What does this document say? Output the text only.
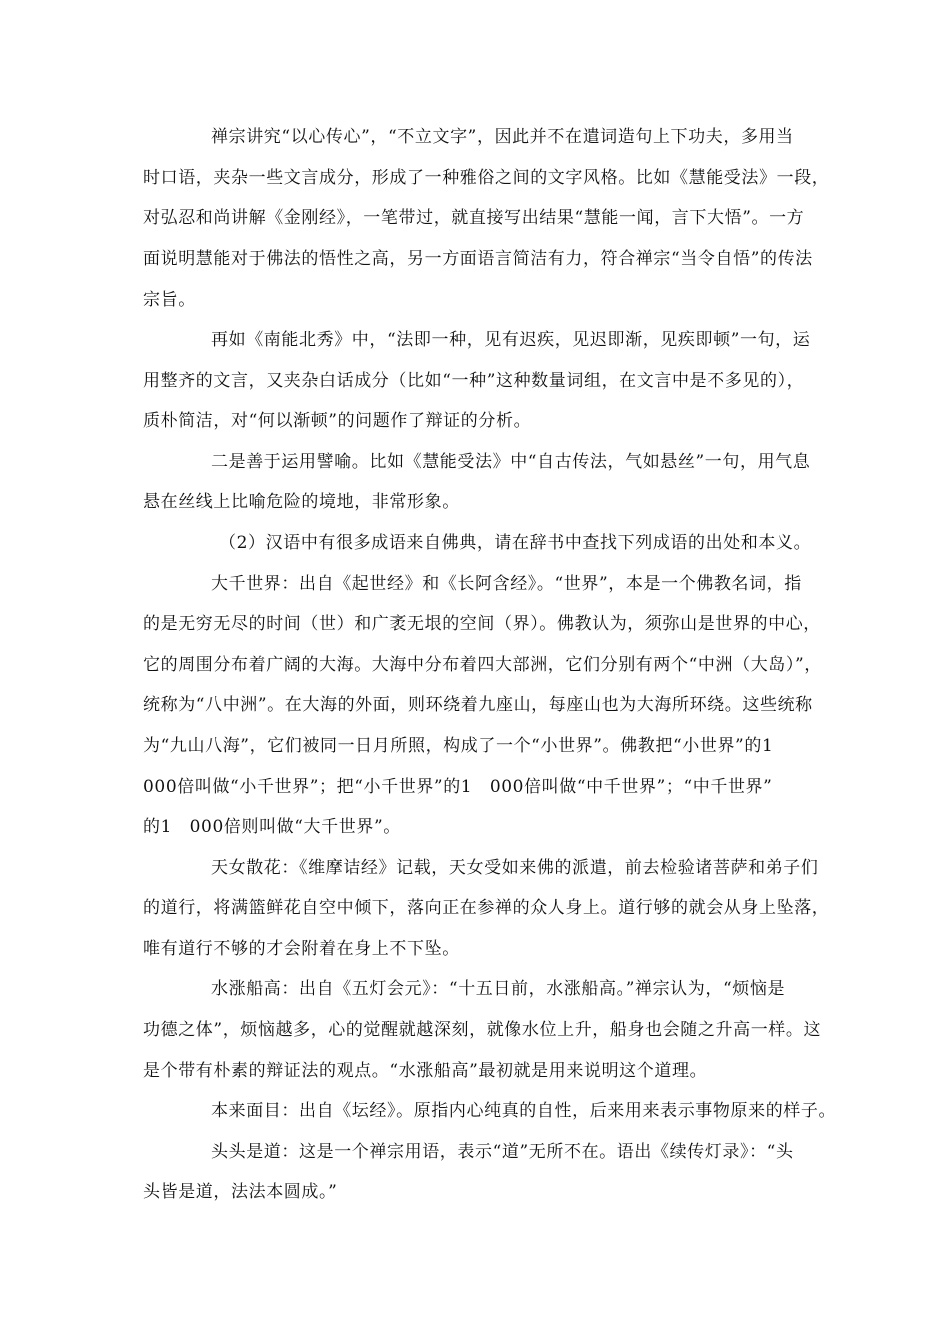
禅宗讲究“以心传心”，“不立文字”，因此并不在遣词造句上下功夫，多用当
时口语，夹杂一些文言成分，形成了一种雅俗之间的文字风格。比如《慧能受法》一段，
对弘忍和尚讲解《金刚经》，一笔带过，就直接写出结果“慧能一闻，言下大悟”。一方
面说明慧能对于佛法的悟性之高，另一方面语言简洁有力，符合禅宗“当令自悟”的传法
宗旨。
再如《南能北秀》中，“法即一种，见有迟疾，见迟即渐，见疾即顿”一句，运
用整齐的文言，又夹杂白话成分（比如“一种”这种数量词组，在文言中是不多见的），
质朴简洁，对“何以渐顿”的问题作了辩证的分析。
二是善于运用譬喻。比如《慧能受法》中“自古传法，气如悬丝”一句，用气息
悬在丝线上比喻危险的境地，非常形象。
（2）汉语中有很多成语来自佛典，请在辞书中查找下列成语的出处和本义。
大千世界：出自《起世经》和《长阿含经》。“世界”，本是一个佛教名词，指
的是无穷无尽的时间（世）和广袤无垠的空间（界）。佛教认为，须弥山是世界的中心，
它的周围分布着广阔的大海。大海中分布着四大部洲，它们分别有两个“中洲（大岛）”，
统称为“八中洲”。在大海的外面，则环绕着九座山，每座山也为大海所环绕。这些统称
为“九山八海”，它们被同一日月所照，构成了一个“小世界”。佛教把“小世界”的1
000倍叫做“小千世界”；把“小千世界”的1　000倍叫做“中千世界”；“中千世界”
的1　000倍则叫做“大千世界”。
天女散花：《维摩诘经》记载，天女受如来佛的派遣，前去检验诸菩萨和弟子们
的道行，将满篮鲜花自空中倾下，落向正在参禅的众人身上。道行够的就会从身上坠落，
唯有道行不够的才会附着在身上不下坠。
水涨船高：出自《五灯会元》：“十五日前，水涨船高。”禅宗认为，“烦恼是
功德之体”，烦恼越多，心的觉醒就越深刻，就像水位上升，船身也会随之升高一样。这
是个带有朴素的辩证法的观点。“水涨船高”最初就是用来说明这个道理。
本来面目：出自《坛经》。原指内心纯真的自性，后来用来表示事物原来的样子。
头头是道：这是一个禅宗用语，表示“道”无所不在。语出《续传灯录》：“头
头皆是道，法法本圆成。”
